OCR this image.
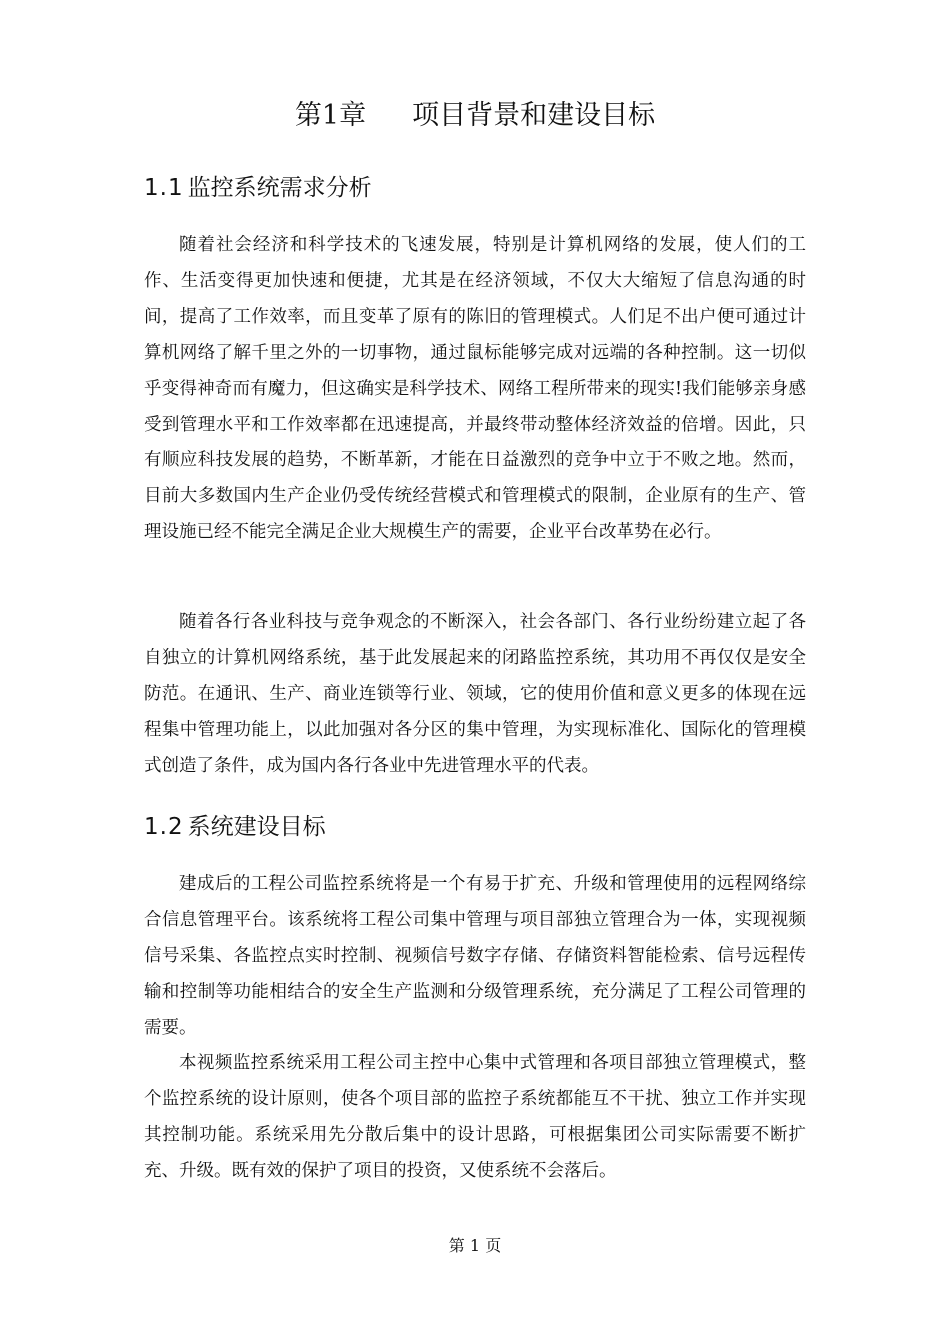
第1章 项目背景和建设目标
1.1 监控系统需求分析

随着社会经济和科学技术的飞速发展，特别是计算机网络的发展，使人们的工作、生活变得更加快速和便捷，尤其是在经济领域，不仅大大缩短了信息沟通的时间，提高了工作效率，而且变革了原有的陈旧的管理模式。人们足不出户便可通过计算机网络了解千里之外的一切事物，通过鼠标能够完成对远端的各种控制。这一切似乎变得神奇而有魔力，但这确实是科学技术、网络工程所带来的现实!我们能够亲身感受到管理水平和工作效率都在迅速提高，并最终带动整体经济效益的倍增。因此，只有顺应科技发展的趋势，不断革新，才能在日益激烈的竞争中立于不败之地。然而，目前大多数国内生产企业仍受传统经营模式和管理模式的限制，企业原有的生产、管理设施已经不能完全满足企业大规模生产的需要，企业平台改革势在必行。

随着各行各业科技与竞争观念的不断深入，社会各部门、各行业纷纷建立起了各自独立的计算机网络系统，基于此发展起来的闭路监控系统，其功用不再仅仅是安全防范。在通讯、生产、商业连锁等行业、领域，它的使用价值和意义更多的体现在远程集中管理功能上，以此加强对各分区的集中管理，为实现标准化、国际化的管理模式创造了条件，成为国内各行各业中先进管理水平的代表。

1.2 系统建设目标

建成后的工程公司监控系统将是一个有易于扩充、升级和管理使用的远程网络综合信息管理平台。该系统将工程公司集中管理与项目部独立管理合为一体，实现视频信号采集、各监控点实时控制、视频信号数字存储、存储资料智能检索、信号远程传输和控制等功能相结合的安全生产监测和分级管理系统，充分满足了工程公司管理的需要。

本视频监控系统采用工程公司主控中心集中式管理和各项目部独立管理模式，整个监控系统的设计原则，使各个项目部的监控子系统都能互不干扰、独立工作并实现其控制功能。系统采用先分散后集中的设计思路，可根据集团公司实际需要不断扩充、升级。既有效的保护了项目的投资，又使系统不会落后。

第 1 页
